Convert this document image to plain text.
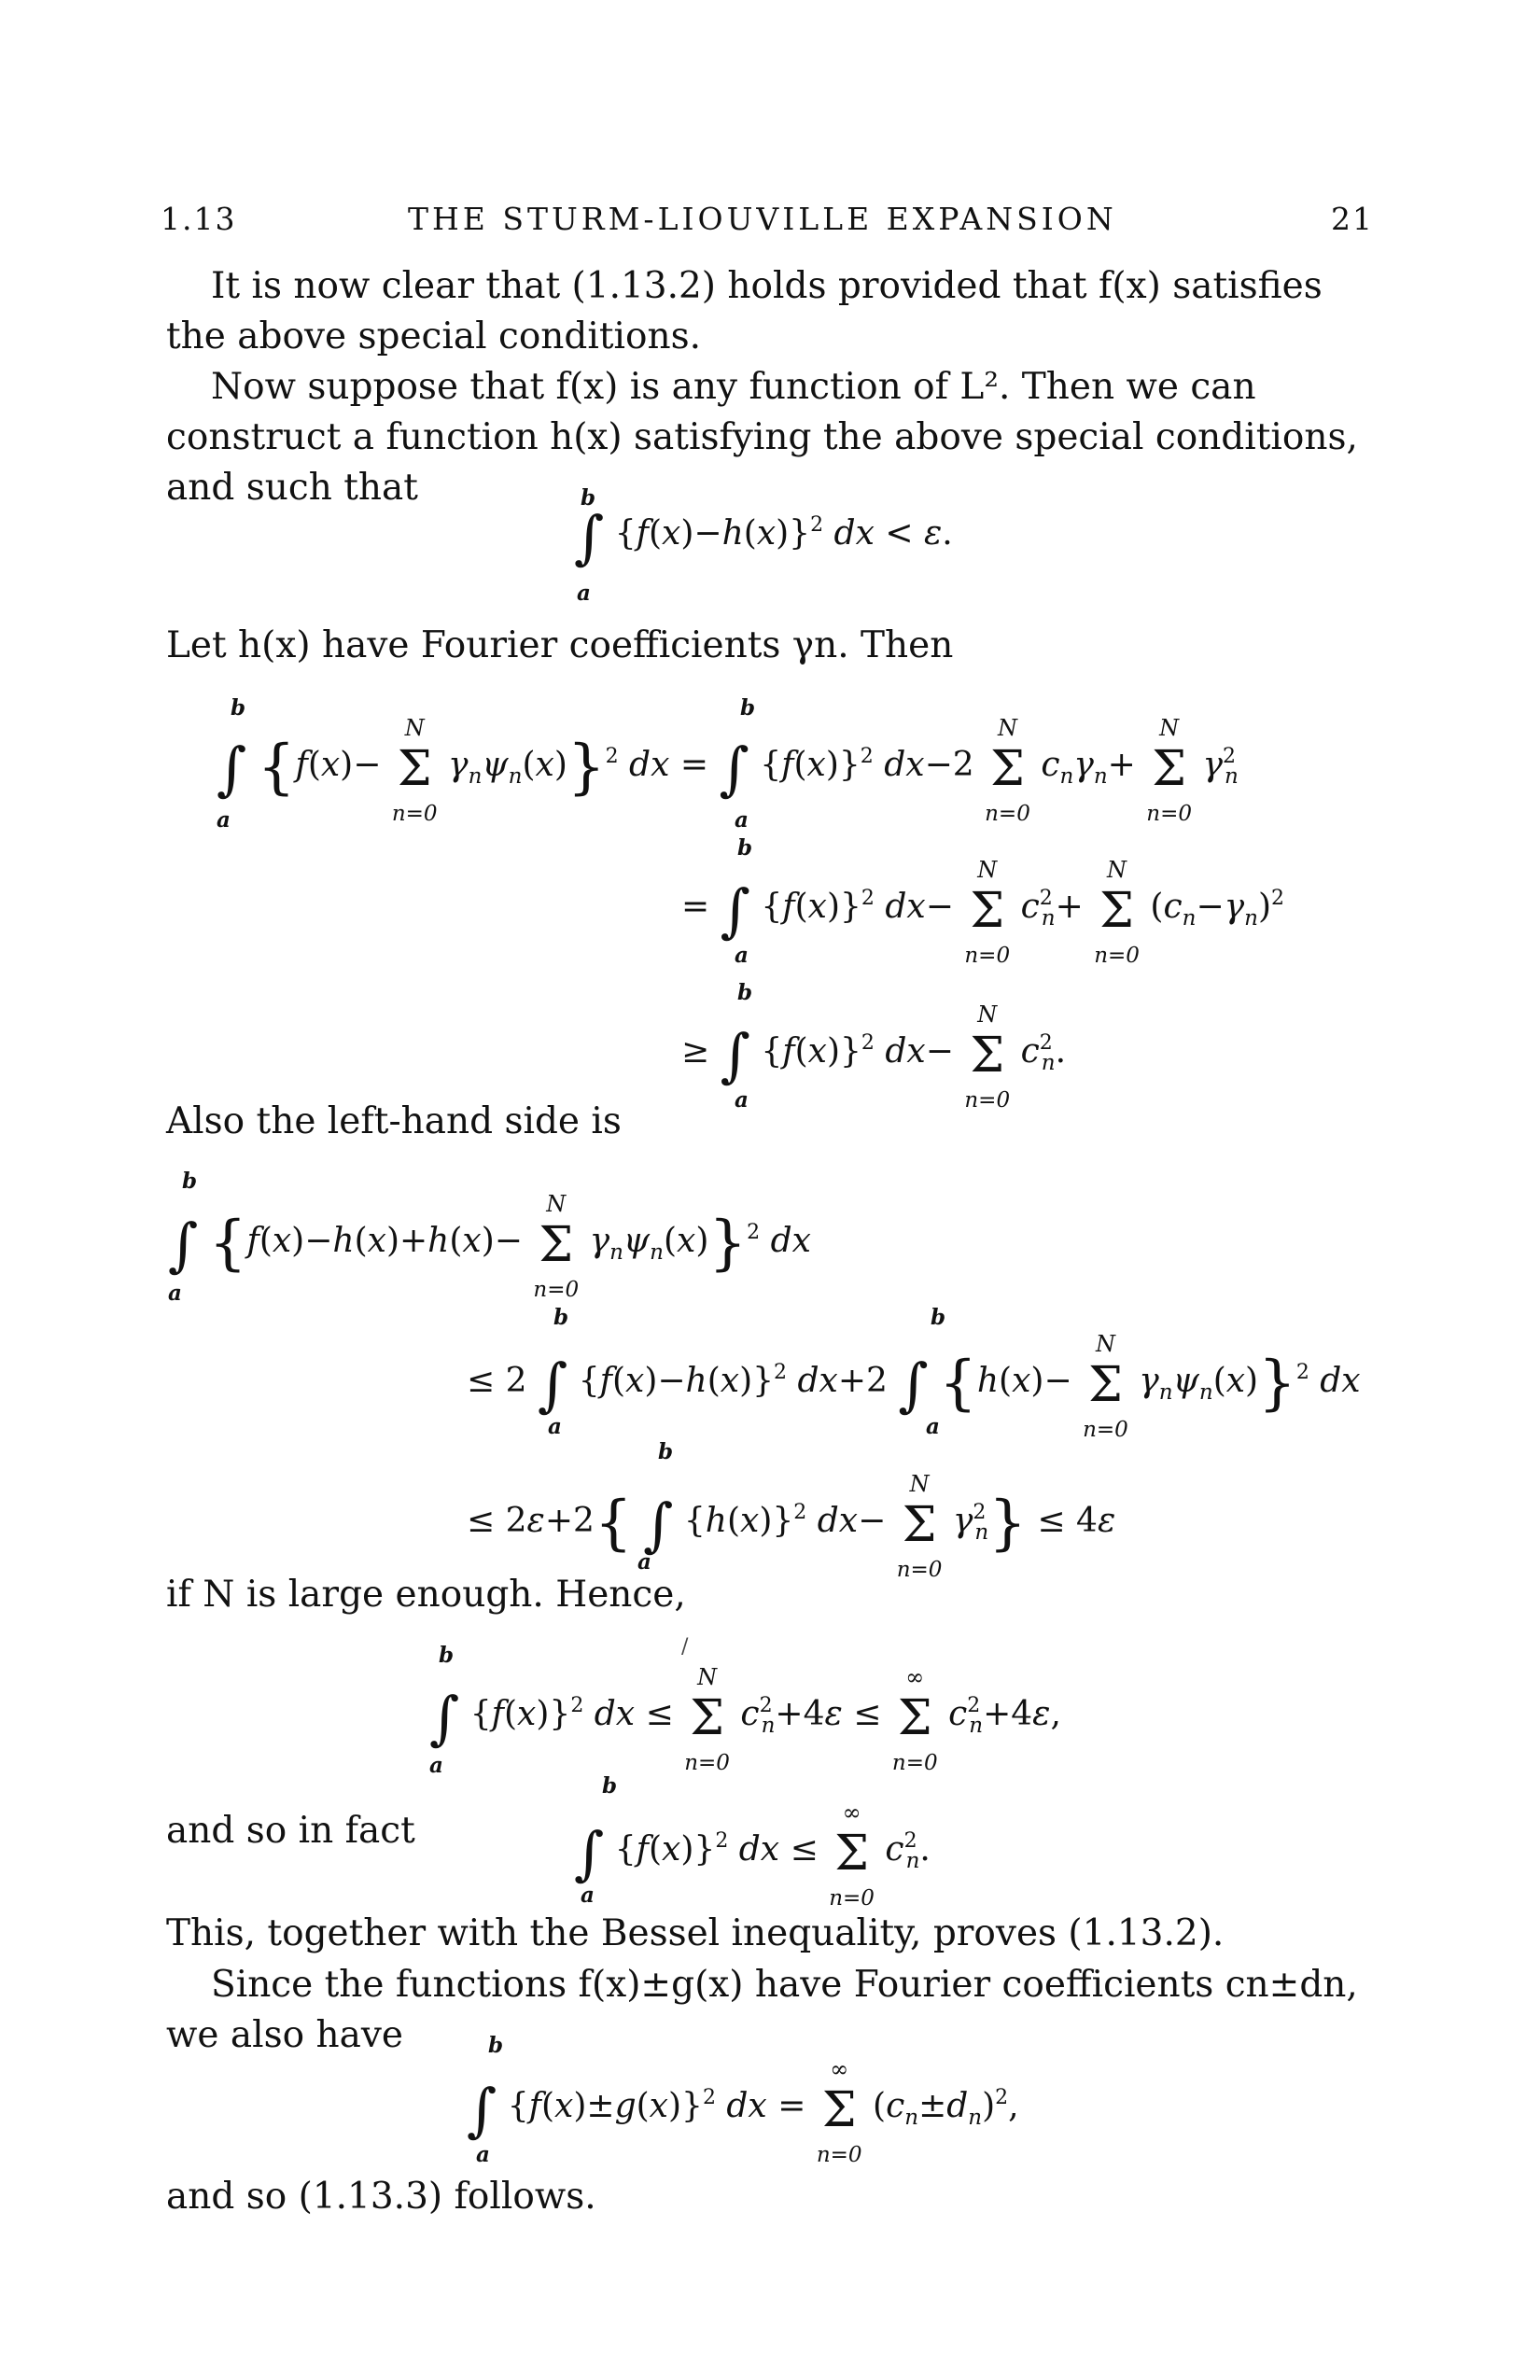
1.13	THE STURM-LIOUVILLE EXPANSION	21
It is now clear that (1.13.2) holds provided that f(x) satisfies the above special conditions.
Now suppose that f(x) is any function of L². Then we can construct a function h(x) satisfying the above special conditions, and such that
∫ $\{f(x)-h(x)\}^2$ dx < ε.
b
a
Let h(x) have Fourier coefficients γn. Then
∫ {f(x)− Σ
N
n=0
$\gamma_n\psi_n(x)\}^2$ dx = ∫ $\{f(x)\}^2$ dx−2 Σ
N
n=0
$c_n\gamma_n+ \Sigma$
N
n=0
$\gamma^2_n$
b
a
b
a
= ∫ $\{f(x)\}^2$ dx− Σ
N
n=0
$c^2_n+ \Sigma$
N
n=0
$(c_n-\gamma_n)^2$
b
a
≥ ∫ $\{f(x)\}^2$ dx− Σ
N
n=0
$c^2_n$.
b
a
Also the left-hand side is
∫ {f(x)−h(x)+h(x)− Σ
N
n=0
$\gamma_n\psi_n(x)\}^2$ dx
b
a
≤ 2 ∫ $\{f(x)-h(x)\}^2$ dx+2 ∫ {h(x)− Σ
N
n=0
$\gamma_n\psi_n(x)\}^2$ dx
b
a
b
a
≤ 2ε+2{ ∫ $\{h(x)\}^2$ dx− Σ
N
n=0
$\gamma^2_n\} \le 4\varepsilon$
b
a
if N is large enough. Hence,
∫ $\{f(x)\}^2$ dx ≤ Σ
N
n=0
$c^2_n+4\varepsilon \le \Sigma$
∞
n=0
$c^2_n+4\varepsilon$,
b
a
/
and so in fact	∫ $\{f(x)\}^2$ dx ≤ Σ
∞
n=0
$c^2_n$.
b
a
This, together with the Bessel inequality, proves (1.13.2).
Since the functions f(x)±g(x) have Fourier coefficients cn±dn, we also have
∫ $\{f(x)\pm g(x)\}^2$ dx = Σ
∞
n=0
$(c_n\pm d_n)^2$,
b
a
and so (1.13.3) follows.
